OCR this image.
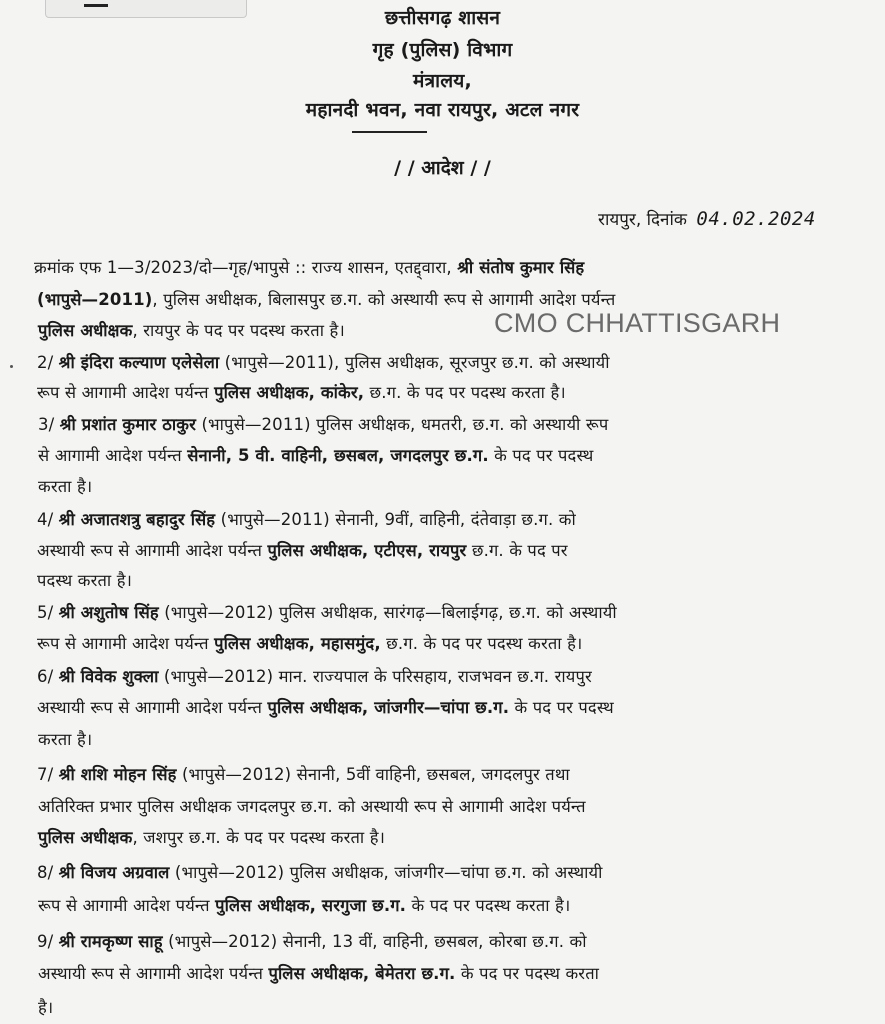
छत्तीसगढ़ शासन
गृह (पुलिस) विभाग
मंत्रालय,
महानदी भवन, नवा रायपुर, अटल नगर
/ / आदेश / /
रायपुर, दिनांक 04.02.2024
क्रमांक एफ 1—3/2023/दो—गृह/भापुसे :: राज्य शासन, एतद्द्वारा, श्री संतोष कुमार सिंह
(भापुसे—2011), पुलिस अधीक्षक, बिलासपुर छ.ग. को अस्थायी रूप से आगामी आदेश पर्यन्त
पुलिस अधीक्षक, रायपुर के पद पर पदस्थ करता है।
2/ श्री इंदिरा कल्याण एलेसेला (भापुसे—2011), पुलिस अधीक्षक, सूरजपुर छ.ग. को अस्थायी
रूप से आगामी आदेश पर्यन्त पुलिस अधीक्षक, कांकेर, छ.ग. के पद पर पदस्थ करता है।
3/ श्री प्रशांत कुमार ठाकुर (भापुसे—2011) पुलिस अधीक्षक, धमतरी, छ.ग. को अस्थायी रूप
से आगामी आदेश पर्यन्त सेनानी, 5 वी. वाहिनी, छसबल, जगदलपुर छ.ग. के पद पर पदस्थ
करता है।
4/ श्री अजातशत्रु बहादुर सिंह (भापुसे—2011) सेनानी, 9वीं, वाहिनी, दंतेवाड़ा छ.ग. को
अस्थायी रूप से आगामी आदेश पर्यन्त पुलिस अधीक्षक, एटीएस, रायपुर छ.ग. के पद पर
पदस्थ करता है।
5/ श्री अशुतोष सिंह (भापुसे—2012) पुलिस अधीक्षक, सारंगढ़—बिलाईगढ़, छ.ग. को अस्थायी
रूप से आगामी आदेश पर्यन्त पुलिस अधीक्षक, महासमुंद, छ.ग. के पद पर पदस्थ करता है।
6/ श्री विवेक शुक्ला (भापुसे—2012) मान. राज्यपाल के परिसहाय, राजभवन छ.ग. रायपुर
अस्थायी रूप से आगामी आदेश पर्यन्त पुलिस अधीक्षक, जांजगीर—चांपा छ.ग. के पद पर पदस्थ
करता है।
7/ श्री शशि मोहन सिंह (भापुसे—2012) सेनानी, 5वीं वाहिनी, छसबल, जगदलपुर तथा
अतिरिक्त प्रभार पुलिस अधीक्षक जगदलपुर छ.ग. को अस्थायी रूप से आगामी आदेश पर्यन्त
पुलिस अधीक्षक, जशपुर छ.ग. के पद पर पदस्थ करता है।
8/ श्री विजय अग्रवाल (भापुसे—2012) पुलिस अधीक्षक, जांजगीर—चांपा छ.ग. को अस्थायी
रूप से आगामी आदेश पर्यन्त पुलिस अधीक्षक, सरगुजा छ.ग. के पद पर पदस्थ करता है।
9/ श्री रामकृष्ण साहू (भापुसे—2012) सेनानी, 13 वीं, वाहिनी, छसबल, कोरबा छ.ग. को
अस्थायी रूप से आगामी आदेश पर्यन्त पुलिस अधीक्षक, बेमेतरा छ.ग. के पद पर पदस्थ करता
है।
CMO CHHATTISGARH
